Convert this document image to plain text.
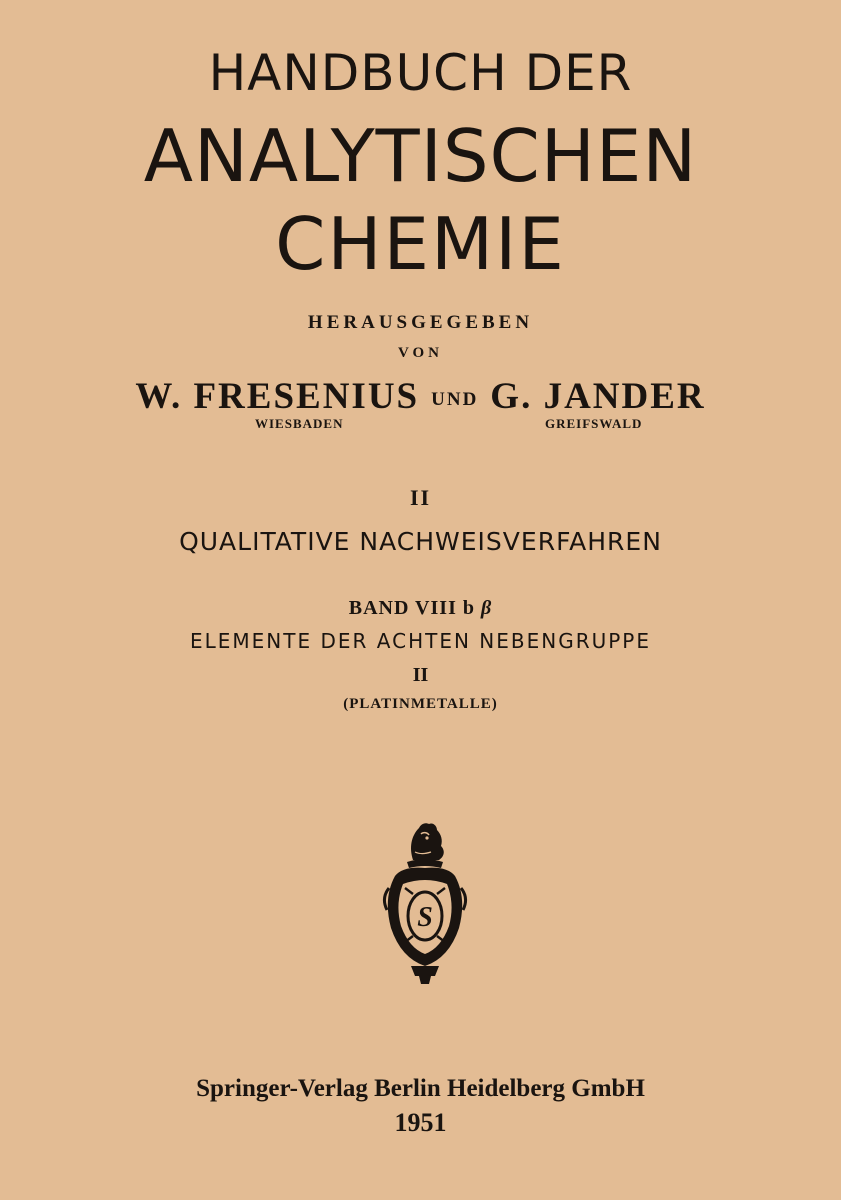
HANDBUCH DER
ANALYTISCHEN
CHEMIE
HERAUSGEGEBEN
VON
W. FRESENIUS UND G. JANDER
WIESBADEN	GREIFSWALD
II
QUALITATIVE NACHWEISVERFAHREN
BAND VIII b β
ELEMENTE DER ACHTEN NEBENGRUPPE
II
(PLATINMETALLE)
S
Springer-Verlag Berlin Heidelberg GmbH
1951
